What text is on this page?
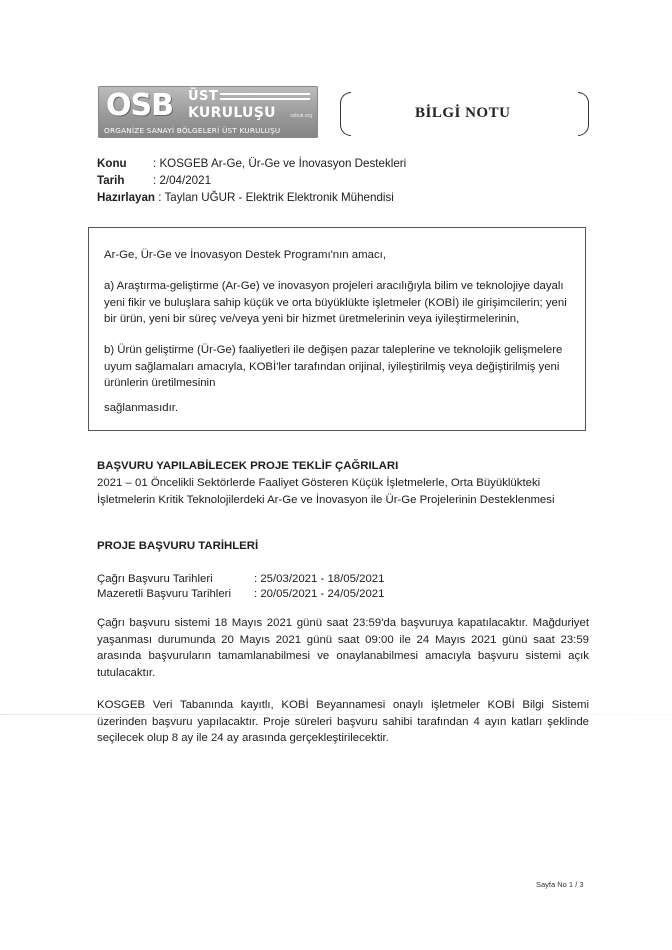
OSB ÜST
KURULUŞU	osbuk.org
ORGANİZE SANAYİ BÖLGELERİ ÜST KURULUŞU
BİLGİ NOTU
Konu : KOSGEB Ar-Ge, Ür-Ge ve İnovasyon Destekleri
Tarih : 2/04/2021
Hazırlayan : Taylan UĞUR - Elektrik Elektronik Mühendisi

Ar-Ge, Ür-Ge ve İnovasyon Destek Programı'nın amacı,

a) Araştırma-geliştirme (Ar-Ge) ve inovasyon projeleri aracılığıyla bilim ve teknolojiye dayalı yeni fikir ve buluşlara sahip küçük ve orta büyüklükte işletmeler (KOBİ) ile girişimcilerin; yeni bir ürün, yeni bir süreç ve/veya yeni bir hizmet üretmelerinin veya iyileştirmelerinin,

b) Ürün geliştirme (Ür-Ge) faaliyetleri ile değişen pazar taleplerine ve teknolojik gelişmelere uyum sağlamaları amacıyla, KOBİ'ler tarafından orijinal, iyileştirilmiş veya değiştirilmiş yeni ürünlerin üretilmesinin

sağlanmasıdır.

BAŞVURU YAPILABİLECEK PROJE TEKLİF ÇAĞRILARI

2021 – 01 Öncelikli Sektörlerde Faaliyet Gösteren Küçük İşletmelerle, Orta Büyüklükteki İşletmelerin Kritik Teknolojilerdeki Ar-Ge ve İnovasyon ile Ür-Ge Projelerinin Desteklenmesi

PROJE BAŞVURU TARİHLERİ
Çağrı Başvuru Tarihleri	: 25/03/2021 - 18/05/2021
Mazeretli Başvuru Tarihleri : 20/05/2021 - 24/05/2021

Çağrı başvuru sistemi 18 Mayıs 2021 günü saat 23:59'da başvuruya kapatılacaktır. Mağduriyet yaşanması durumunda 20 Mayıs 2021 günü saat 09:00 ile 24 Mayıs 2021 günü saat 23:59 arasında başvuruların tamamlanabilmesi ve onaylanabilmesi amacıyla başvuru sistemi açık tutulacaktır.

KOSGEB Veri Tabanında kayıtlı, KOBİ Beyannamesi onaylı işletmeler KOBİ Bilgi Sistemi üzerinden başvuru yapılacaktır. Proje süreleri başvuru sahibi tarafından 4 ayın katları şeklinde seçilecek olup 8 ay ile 24 ay arasında gerçekleştirilecektir.

Sayfa No 1 / 3
